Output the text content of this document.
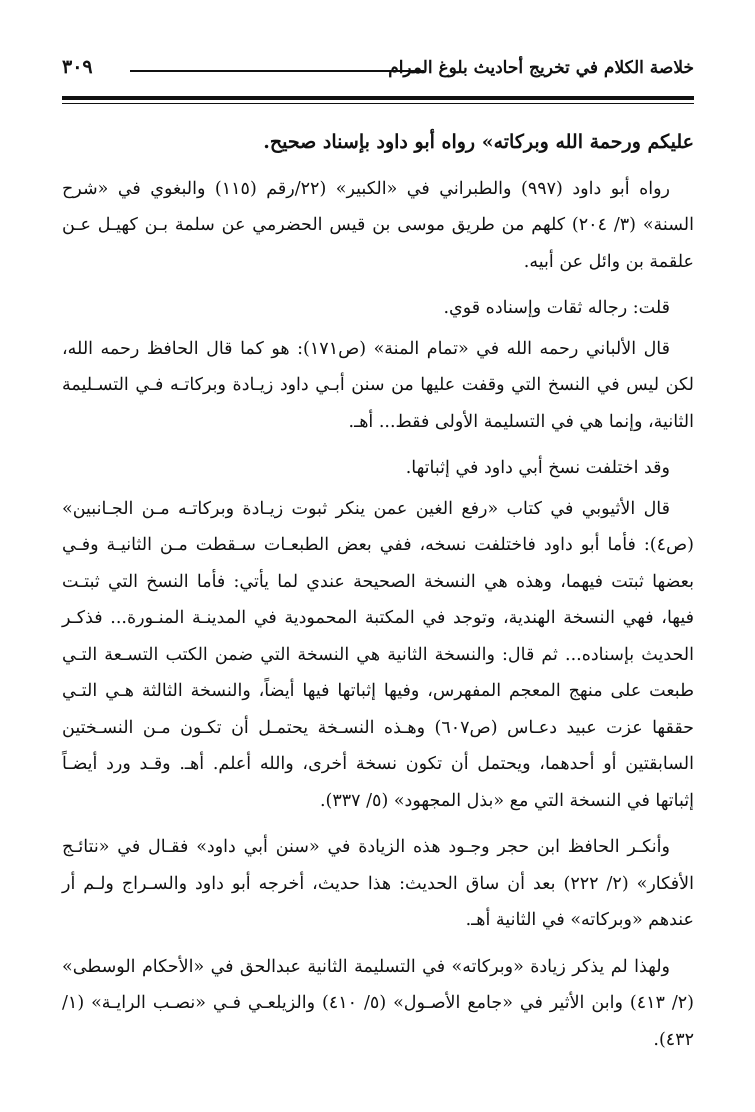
خلاصة الكلام في تخريج أحاديث بلوغ المرام
٣٠٩

عليكم ورحمة الله وبركاته» رواه أبو داود بإسناد صحيح.

رواه أبو داود (٩٩٧) والطبراني في «الكبير» (٢٢/رقم (١١٥) والبغوي في «شرح السنة» (٣/ ٢٠٤) كلهم من طريق موسى بن قيس الحضرمي عن سلمة بـن كهيـل عـن علقمة بن وائل عن أبيه.

قلت: رجاله ثقات وإسناده قوي.

قال الألباني رحمه الله في «تمام المنة» (ص١٧١): هو كما قال الحافظ رحمه الله، لكن ليس في النسخ التي وقفت عليها من سنن أبـي داود زيـادة وبركاتـه فـي التسـليمة الثانية، وإنما هي في التسليمة الأولى فقط... أهـ.

وقد اختلفت نسخ أبي داود في إثباتها.

قال الأثيوبي في كتاب «رفع الغين عمن ينكر ثبوت زيـادة وبركاتـه مـن الجـانبين» (ص٤): فأما أبو داود فاختلفت نسخه، ففي بعض الطبعـات سـقطت مـن الثانيـة وفـي بعضها ثبتت فيهما، وهذه هي النسخة الصحيحة عندي لما يأتي: فأما النسخ التي ثبتـت فيها، فهي النسخة الهندية، وتوجد في المكتبة المحمودية في المدينـة المنـورة... فذكـر الحديث بإسناده... ثم قال: والنسخة الثانية هي النسخة التي ضمن الكتب التسـعة التـي طبعت على منهج المعجم المفهرس، وفيها إثباتها فيها أيضاً، والنسخة الثالثة هـي التـي حققها عزت عبيد دعـاس (ص٦٠٧) وهـذه النسـخة يحتمـل أن تكـون مـن النسـختين السابقتين أو أحدهما، ويحتمل أن تكون نسخة أخرى، والله أعلم. أهـ. وقـد ورد أيضـاً إثباتها في النسخة التي مع «بذل المجهود» (٥/ ٣٣٧).

وأنكـر الحافظ ابن حجر وجـود هذه الزيادة في «سنن أبي داود» فقـال في «نتائـج الأفكار» (٢/ ٢٢٢) بعد أن ساق الحديث: هذا حديث، أخرجه أبو داود والسـراج ولـم أر عندهم «وبركاته» في الثانية أهـ.

ولهذا لم يذكر زيادة «وبركاته» في التسليمة الثانية عبدالحق في «الأحكام الوسطى» (٢/ ٤١٣) وابن الأثير في «جامع الأصـول» (٥/ ٤١٠) والزيلعـي فـي «نصـب الرايـة» (١/ ٤٣٢).
